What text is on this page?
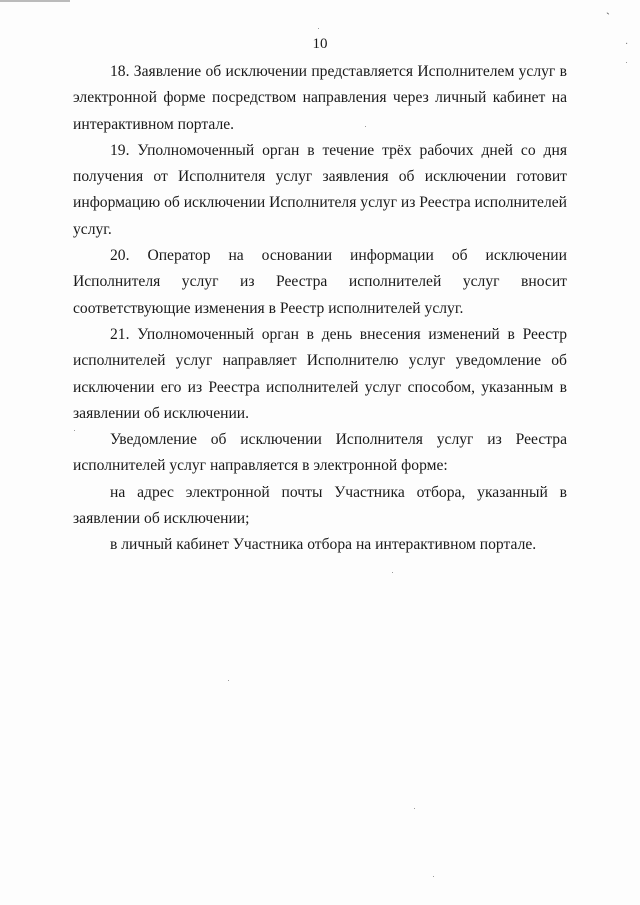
ˋ
ˑ
10

18. Заявление об исключении представляется Исполнителем услуг в электронной форме посредством направления через личный кабинет на интерактивном портале.

19. Уполномоченный орган в течение трёх рабочих дней со дня получения от Исполнителя услуг заявления об исключении готовит информацию об исключении Исполнителя услуг из Реестра исполнителей услуг.

20. Оператор на основании информации об исключении Исполнителя услуг из Реестра исполнителей услуг вносит соответствующие изменения в Реестр исполнителей услуг.

21. Уполномоченный орган в день внесения изменений в Реестр исполнителей услуг направляет Исполнителю услуг уведомление об исключении его из Реестра исполнителей услуг способом, указанным в заявлении об исключении.

Уведомление об исключении Исполнителя услуг из Реестра исполнителей услуг направляется в электронной форме:

на адрес электронной почты Участника отбора, указанный в заявлении об исключении;

в личный кабинет Участника отбора на интерактивном портале.
